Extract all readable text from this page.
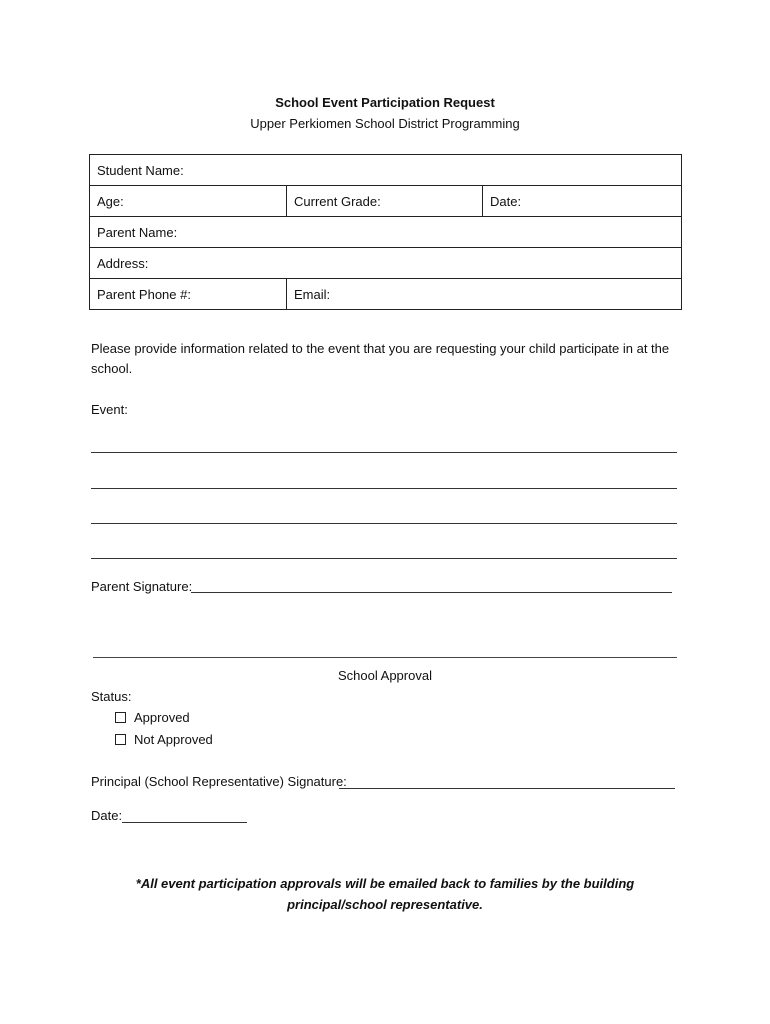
School Event Participation Request
Upper Perkiomen School District Programming
Student Name:		
Age:	Current Grade:	Date:
Parent Name:		
Address:		
Parent Phone #:	Email:	
Please provide information related to the event that you are requesting your child participate in at the school.
Event:
Parent Signature:
School Approval
Status:
Approved
Not Approved
Principal (School Representative) Signature:
Date:
*All event participation approvals will be emailed back to families by the building principal/school representative.
